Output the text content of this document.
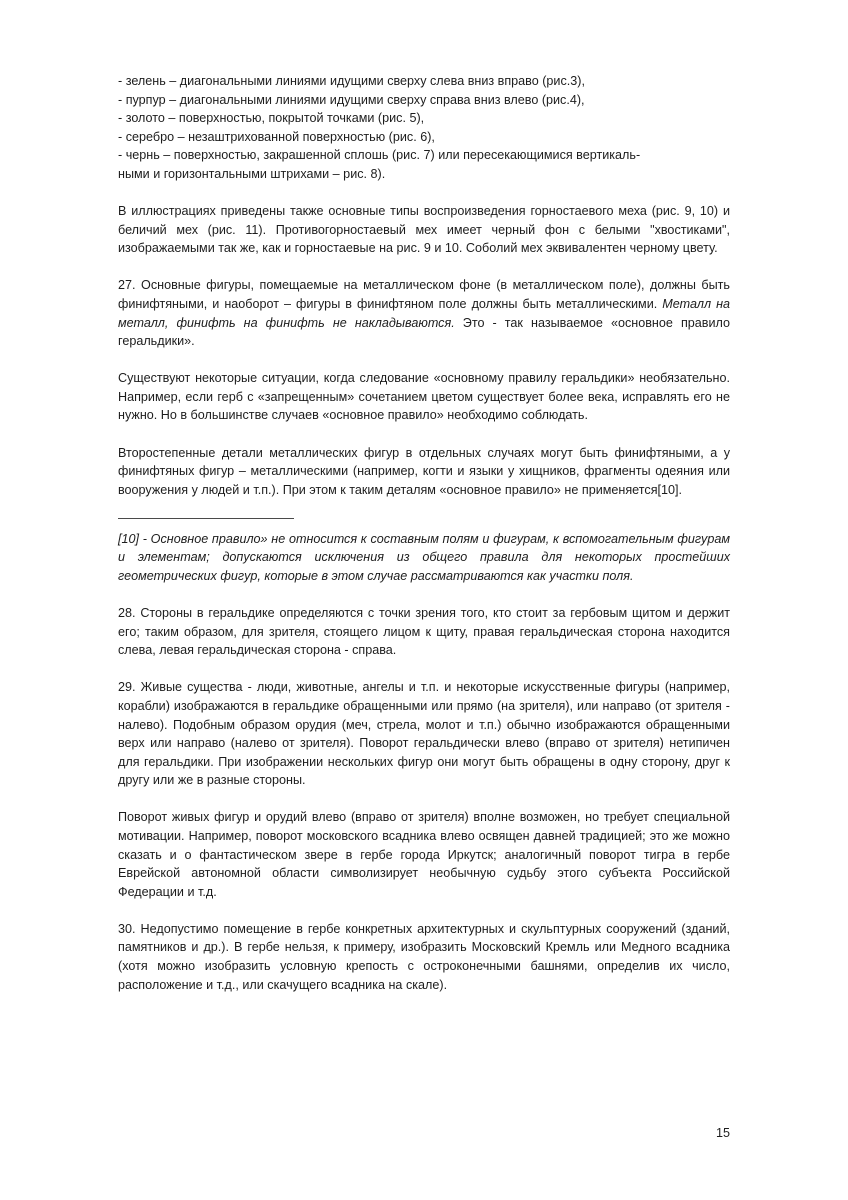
- зелень – диагональными линиями идущими сверху слева вниз вправо (рис.3),

- пурпур – диагональными линиями идущими сверху справа вниз влево (рис.4),

- золото – поверхностью, покрытой точками (рис. 5),

- серебро – незаштрихованной поверхностью (рис. 6),

- чернь – поверхностью, закрашенной сплошь (рис. 7) или пересекающимися вертикаль-

ными и горизонтальными штрихами – рис. 8).

В иллюстрациях приведены также основные типы воспроизведения горностаевого меха (рис. 9, 10) и беличий мех (рис. 11). Противогорностаевый мех имеет черный фон с белыми "хвостиками", изображаемыми так же, как и горностаевые на рис. 9 и 10. Соболий мех эквивалентен черному цвету.

27. Основные фигуры, помещаемые на металлическом фоне (в металлическом поле), должны быть финифтяными, и наоборот – фигуры в финифтяном поле должны быть металлическими. Металл на металл, финифть на финифть не накладываются. Это - так называемое «основное правило геральдики».

Существуют некоторые ситуации, когда следование «основному правилу геральдики» необязательно. Например, если герб с «запрещенным» сочетанием цветом существует более века, исправлять его не нужно. Но в большинстве случаев «основное правило» необходимо соблюдать.

Второстепенные детали металлических фигур в отдельных случаях могут быть финифтяными, а у финифтяных фигур – металлическими (например, когти и языки у хищников, фрагменты одеяния или вооружения у людей и т.п.). При этом к таким деталям «основное правило» не применяется[10].

[10] - Основное правило» не относится к составным полям и фигурам, к вспомогательным фигурам и элементам; допускаются исключения из общего правила для некоторых простейших геометрических фигур, которые в этом случае рассматриваются как участки поля.

28. Стороны в геральдике определяются с точки зрения того, кто стоит за гербовым щитом и держит его; таким образом, для зрителя, стоящего лицом к щиту, правая геральдическая сторона находится слева, левая геральдическая сторона - справа.

29. Живые существа - люди, животные, ангелы и т.п. и некоторые искусственные фигуры (например, корабли) изображаются в геральдике обращенными или прямо (на зрителя), или направо (от зрителя - налево). Подобным образом орудия (меч, стрела, молот и т.п.) обычно изображаются обращенными верх или направо (налево от зрителя). Поворот геральдически влево (вправо от зрителя) нетипичен для геральдики. При изображении нескольких фигур они могут быть обращены в одну сторону, друг к другу или же в разные стороны.

Поворот живых фигур и орудий влево (вправо от зрителя) вполне возможен, но требует специальной мотивации. Например, поворот московского всадника влево освящен давней традицией; это же можно сказать и о фантастическом звере в гербе города Иркутск; аналогичный поворот тигра в гербе Еврейской автономной области символизирует необычную судьбу этого субъекта Российской Федерации и т.д.

30. Недопустимо помещение в гербе конкретных архитектурных и скульптурных сооружений (зданий, памятников и др.). В гербе нельзя, к примеру, изобразить Московский Кремль или Медного всадника (хотя можно изобразить условную крепость с остроконечными башнями, определив их число, расположение и т.д., или скачущего всадника на скале).

15
